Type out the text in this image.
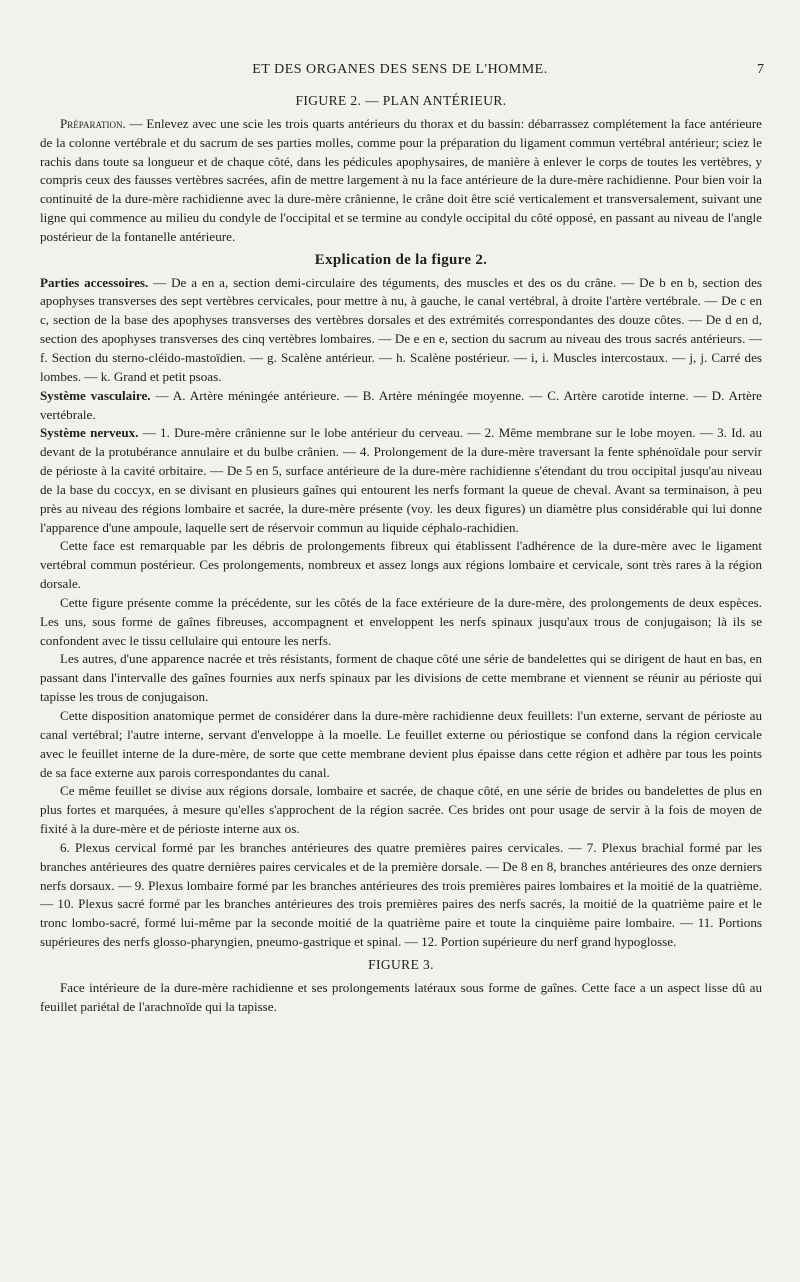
ET DES ORGANES DES SENS DE L'HOMME.	7
FIGURE 2. — PLAN ANTÉRIEUR.

Préparation. — Enlevez avec une scie les trois quarts antérieurs du thorax et du bassin: débarrassez complétement la face antérieure de la colonne vertébrale et du sacrum de ses parties molles, comme pour la préparation du ligament commun vertébral antérieur; sciez le rachis dans toute sa longueur et de chaque côté, dans les pédicules apophysaires, de manière à enlever le corps de toutes les vertèbres, y compris ceux des fausses vertèbres sacrées, afin de mettre largement à nu la face antérieure de la dure-mère rachidienne. Pour bien voir la continuité de la dure-mère rachidienne avec la dure-mère crânienne, le crâne doit être scié verticalement et transversalement, suivant une ligne qui commence au milieu du condyle de l'occipital et se termine au condyle occipital du côté opposé, en passant au niveau de l'angle postérieur de la fontanelle antérieure.

Explication de la figure 2.

Parties accessoires. — De a en a, section demi-circulaire des téguments, des muscles et des os du crâne. — De b en b, section des apophyses transverses des sept vertèbres cervicales, pour mettre à nu, à gauche, le canal vertébral, à droite l'artère vertébrale. — De c en c, section de la base des apophyses transverses des vertèbres dorsales et des extrémités correspondantes des douze côtes. — De d en d, section des apophyses transverses des cinq vertèbres lombaires. — De e en e, section du sacrum au niveau des trous sacrés antérieurs. — f. Section du sterno-cléido-mastoïdien. — g. Scalène antérieur. — h. Scalène postérieur. — i, i. Muscles intercostaux. — j, j. Carré des lombes. — k. Grand et petit psoas.

Système vasculaire. — A. Artère méningée antérieure. — B. Artère méningée moyenne. — C. Artère carotide interne. — D. Artère vertébrale.

Système nerveux. — 1. Dure-mère crânienne sur le lobe antérieur du cerveau. — 2. Même membrane sur le lobe moyen. — 3. Id. au devant de la protubérance annulaire et du bulbe crânien. — 4. Prolongement de la dure-mère traversant la fente sphénoïdale pour servir de périoste à la cavité orbitaire. — De 5 en 5, surface antérieure de la dure-mère rachidienne s'étendant du trou occipital jusqu'au niveau de la base du coccyx, en se divisant en plusieurs gaînes qui entourent les nerfs formant la queue de cheval. Avant sa terminaison, à peu près au niveau des régions lombaire et sacrée, la dure-mère présente (voy. les deux figures) un diamètre plus considérable qui lui donne l'apparence d'une ampoule, laquelle sert de réservoir commun au liquide céphalo-rachidien.

Cette face est remarquable par les débris de prolongements fibreux qui établissent l'adhérence de la dure-mère avec le ligament vertébral commun postérieur. Ces prolongements, nombreux et assez longs aux régions lombaire et cervicale, sont très rares à la région dorsale.

Cette figure présente comme la précédente, sur les côtés de la face extérieure de la dure-mère, des prolongements de deux espèces. Les uns, sous forme de gaînes fibreuses, accompagnent et enveloppent les nerfs spinaux jusqu'aux trous de conjugaison; là ils se confondent avec le tissu cellulaire qui entoure les nerfs.

Les autres, d'une apparence nacrée et très résistants, forment de chaque côté une série de bandelettes qui se dirigent de haut en bas, en passant dans l'intervalle des gaînes fournies aux nerfs spinaux par les divisions de cette membrane et viennent se réunir au périoste qui tapisse les trous de conjugaison.

Cette disposition anatomique permet de considérer dans la dure-mère rachidienne deux feuillets: l'un externe, servant de périoste au canal vertébral; l'autre interne, servant d'enveloppe à la moelle. Le feuillet externe ou périostique se confond dans la région cervicale avec le feuillet interne de la dure-mère, de sorte que cette membrane devient plus épaisse dans cette région et adhère par tous les points de sa face externe aux parois correspondantes du canal.

Ce même feuillet se divise aux régions dorsale, lombaire et sacrée, de chaque côté, en une série de brides ou bandelettes de plus en plus fortes et marquées, à mesure qu'elles s'approchent de la région sacrée. Ces brides ont pour usage de servir à la fois de moyen de fixité à la dure-mère et de périoste interne aux os.

6. Plexus cervical formé par les branches antérieures des quatre premières paires cervicales. — 7. Plexus brachial formé par les branches antérieures des quatre dernières paires cervicales et de la première dorsale. — De 8 en 8, branches antérieures des onze derniers nerfs dorsaux. — 9. Plexus lombaire formé par les branches antérieures des trois premières paires lombaires et la moitié de la quatrième. — 10. Plexus sacré formé par les branches antérieures des trois premières paires des nerfs sacrés, la moitié de la quatrième paire et le tronc lombo-sacré, formé lui-même par la seconde moitié de la quatrième paire et toute la cinquième paire lombaire. — 11. Portions supérieures des nerfs glosso-pharyngien, pneumo-gastrique et spinal. — 12. Portion supérieure du nerf grand hypoglosse.

FIGURE 3.

Face intérieure de la dure-mère rachidienne et ses prolongements latéraux sous forme de gaînes. Cette face a un aspect lisse dû au feuillet pariétal de l'arachnoïde qui la tapisse.
